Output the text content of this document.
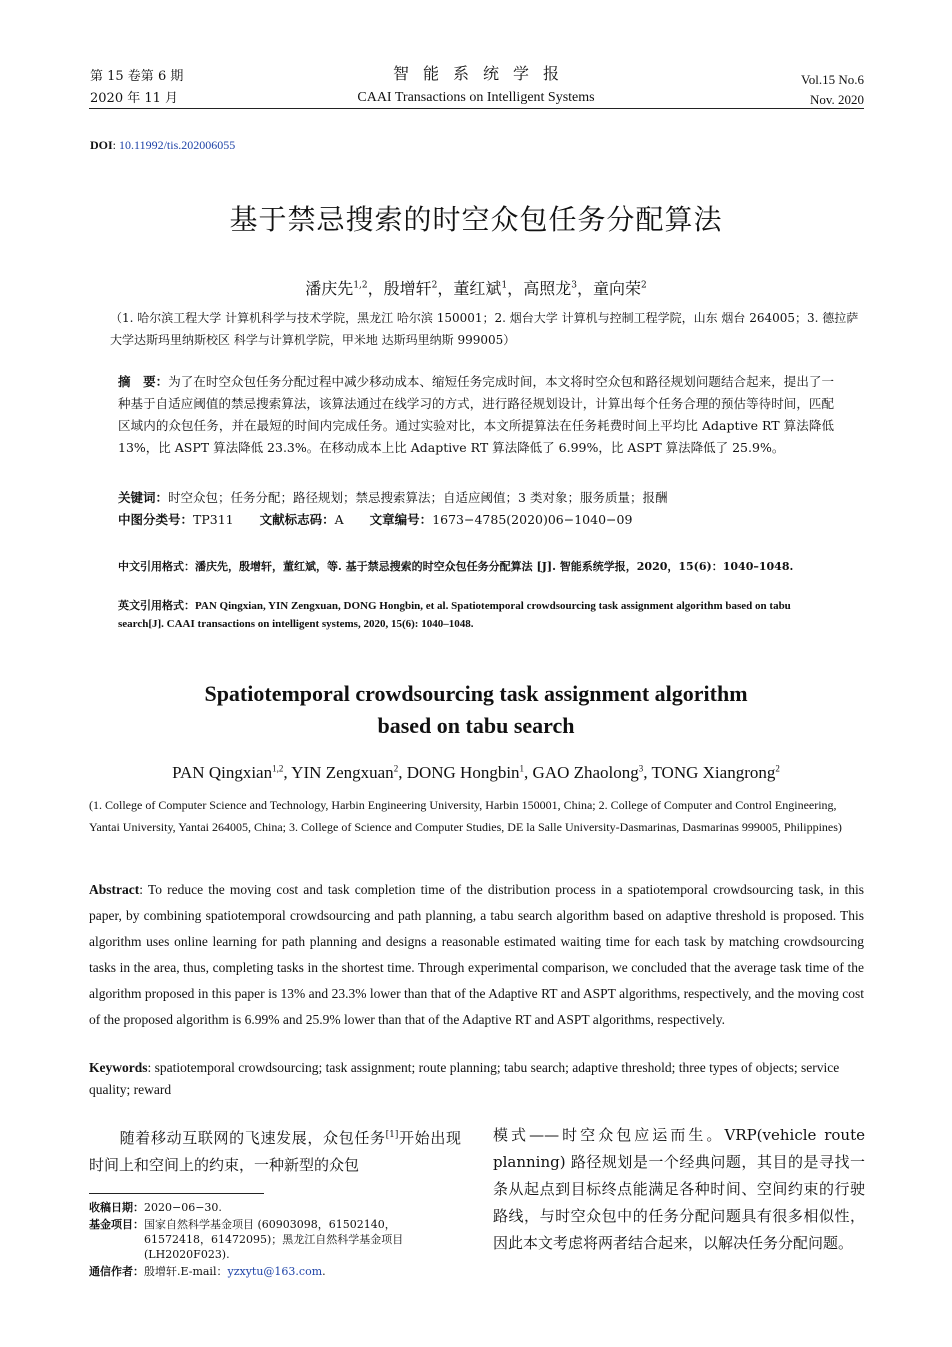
第 15 卷第 6 期
2020 年 11 月
智能系统学报
CAAI Transactions on Intelligent Systems
Vol.15 No.6
Nov. 2020
DOI: 10.11992/tis.202006055
基于禁忌搜索的时空众包任务分配算法
潘庆先$^{1,2}$，殷增轩$^2$，董红斌$^1$，高照龙$^3$，童向荣$^2$
（1. 哈尔滨工程大学 计算机科学与技术学院，黑龙江 哈尔滨 150001；2. 烟台大学 计算机与控制工程学院，山东 烟台 264005；3. 德拉萨大学达斯玛里纳斯校区 科学与计算机学院，甲米地 达斯玛里纳斯 999005）
摘　要：为了在时空众包任务分配过程中减少移动成本、缩短任务完成时间，本文将时空众包和路径规划问题结合起来，提出了一种基于自适应阈值的禁忌搜索算法，该算法通过在线学习的方式，进行路径规划设计，计算出每个任务合理的预估等待时间，匹配区域内的众包任务，并在最短的时间内完成任务。通过实验对比，本文所提算法在任务耗费时间上平均比 Adaptive RT 算法降低 13%，比 ASPT 算法降低 23.3%。在移动成本上比 Adaptive RT 算法降低了 6.99%，比 ASPT 算法降低了 25.9%。
关键词：时空众包；任务分配；路径规划；禁忌搜索算法；自适应阈值；3 类对象；服务质量；报酬
中图分类号：TP311 文献标志码：A 文章编号：1673−4785(2020)06−1040−09
中文引用格式：潘庆先，殷增轩，董红斌，等. 基于禁忌搜索的时空众包任务分配算法 [J]. 智能系统学报，2020，15(6)：1040–1048.
英文引用格式：PAN Qingxian, YIN Zengxuan, DONG Hongbin, et al. Spatiotemporal crowdsourcing task assignment algorithm based on tabu search[J]. CAAI transactions on intelligent systems, 2020, 15(6): 1040–1048.
Spatiotemporal crowdsourcing task assignment algorithm
based on tabu search
PAN Qingxian$^{1,2}$, YIN Zengxuan$^2$, DONG Hongbin$^1$, GAO Zhaolong$^3$, TONG Xiangrong$^2$
(1. College of Computer Science and Technology, Harbin Engineering University, Harbin 150001, China; 2. College of Computer and Control Engineering, Yantai University, Yantai 264005, China; 3. College of Science and Computer Studies, DE la Salle University-Dasmarinas, Dasmarinas 999005, Philippines)
Abstract: To reduce the moving cost and task completion time of the distribution process in a spatiotemporal crowdsourcing task, in this paper, by combining spatiotemporal crowdsourcing and path planning, a tabu search algorithm based on adaptive threshold is proposed. This algorithm uses online learning for path planning and designs a reasonable estimated waiting time for each task by matching crowdsourcing tasks in the area, thus, completing tasks in the shortest time. Through experimental comparison, we concluded that the average task time of the algorithm proposed in this paper is 13% and 23.3% lower than that of the Adaptive RT and ASPT algorithms, respectively, and the moving cost of the proposed algorithm is 6.99% and 25.9% lower than that of the Adaptive RT and ASPT algorithms, respectively.
Keywords: spatiotemporal crowdsourcing; task assignment; route planning; tabu search; adaptive threshold; three types of objects; service quality; reward
随着移动互联网的飞速发展，众包任务[1]开始出现时间上和空间上的约束，一种新型的众包
模式——时空众包应运而生。VRP(vehicle route planning) 路径规划是一个经典问题，其目的是寻找一条从起点到目标终点能满足各种时间、空间约束的行驶路线，与时空众包中的任务分配问题具有很多相似性，因此本文考虑将两者结合起来，以解决任务分配问题。
收稿日期： 2020−06−30.
基金项目： 国家自然科学基金项目 (60903098，61502140，61572418，61472095)；黑龙江自然科学基金项目 (LH2020F023).
通信作者： 殷增轩.E-mail：yzxytu@163.com.
